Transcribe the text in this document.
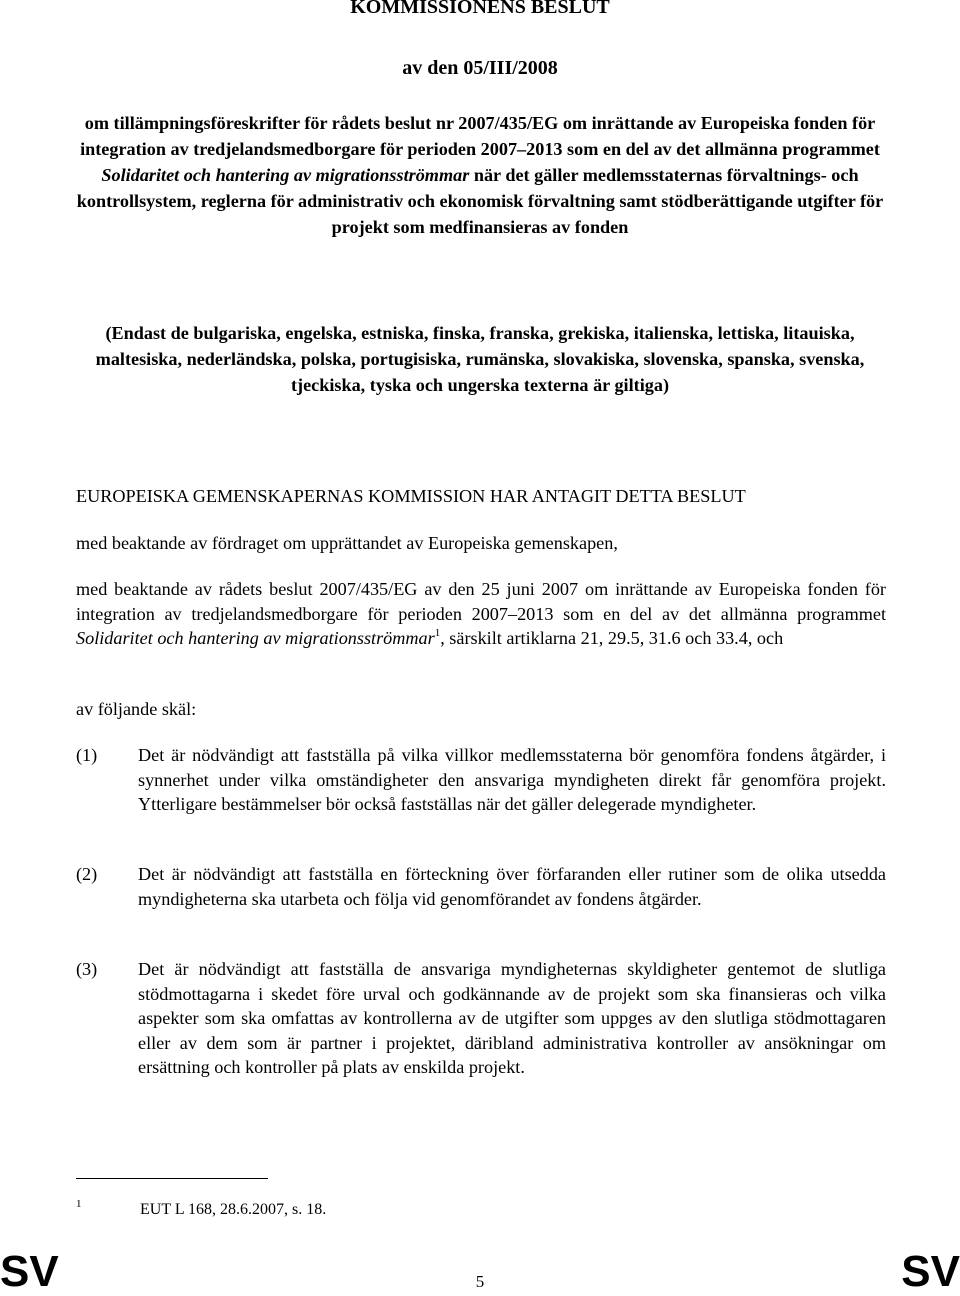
KOMMISSIONENS BESLUT
av den 05/III/2008
om tillämpningsföreskrifter för rådets beslut nr 2007/435/EG om inrättande av Europeiska fonden för integration av tredjelandsmedborgare för perioden 2007–2013 som en del av det allmänna programmet Solidaritet och hantering av migrationsströmmar när det gäller medlemsstaternas förvaltnings- och kontrollsystem, reglerna för administrativ och ekonomisk förvaltning samt stödberättigande utgifter för projekt som medfinansieras av fonden
(Endast de bulgariska, engelska, estniska, finska, franska, grekiska, italienska, lettiska, litauiska, maltesiska, nederländska, polska, portugisiska, rumänska, slovakiska, slovenska, spanska, svenska, tjeckiska, tyska och ungerska texterna är giltiga)
EUROPEISKA GEMENSKAPERNAS KOMMISSION HAR ANTAGIT DETTA BESLUT
med beaktande av fördraget om upprättandet av Europeiska gemenskapen,
med beaktande av rådets beslut 2007/435/EG av den 25 juni 2007 om inrättande av Europeiska fonden för integration av tredjelandsmedborgare för perioden 2007–2013 som en del av det allmänna programmet Solidaritet och hantering av migrationsströmmar$^1$, särskilt artiklarna 21, 29.5, 31.6 och 33.4, och
av följande skäl:
(1)	Det är nödvändigt att fastställa på vilka villkor medlemsstaterna bör genomföra fondens åtgärder, i synnerhet under vilka omständigheter den ansvariga myndigheten direkt får genomföra projekt. Ytterligare bestämmelser bör också fastställas när det gäller delegerade myndigheter.
(2)	Det är nödvändigt att fastställa en förteckning över förfaranden eller rutiner som de olika utsedda myndigheterna ska utarbeta och följa vid genomförandet av fondens åtgärder.
(3)	Det är nödvändigt att fastställa de ansvariga myndigheternas skyldigheter gentemot de slutliga stödmottagarna i skedet före urval och godkännande av de projekt som ska finansieras och vilka aspekter som ska omfattas av kontrollerna av de utgifter som uppges av den slutliga stödmottagaren eller av dem som är partner i projektet, däribland administrativa kontroller av ansökningar om ersättning och kontroller på plats av enskilda projekt.
1	EUT L 168, 28.6.2007, s. 18.
SV	5	SV
